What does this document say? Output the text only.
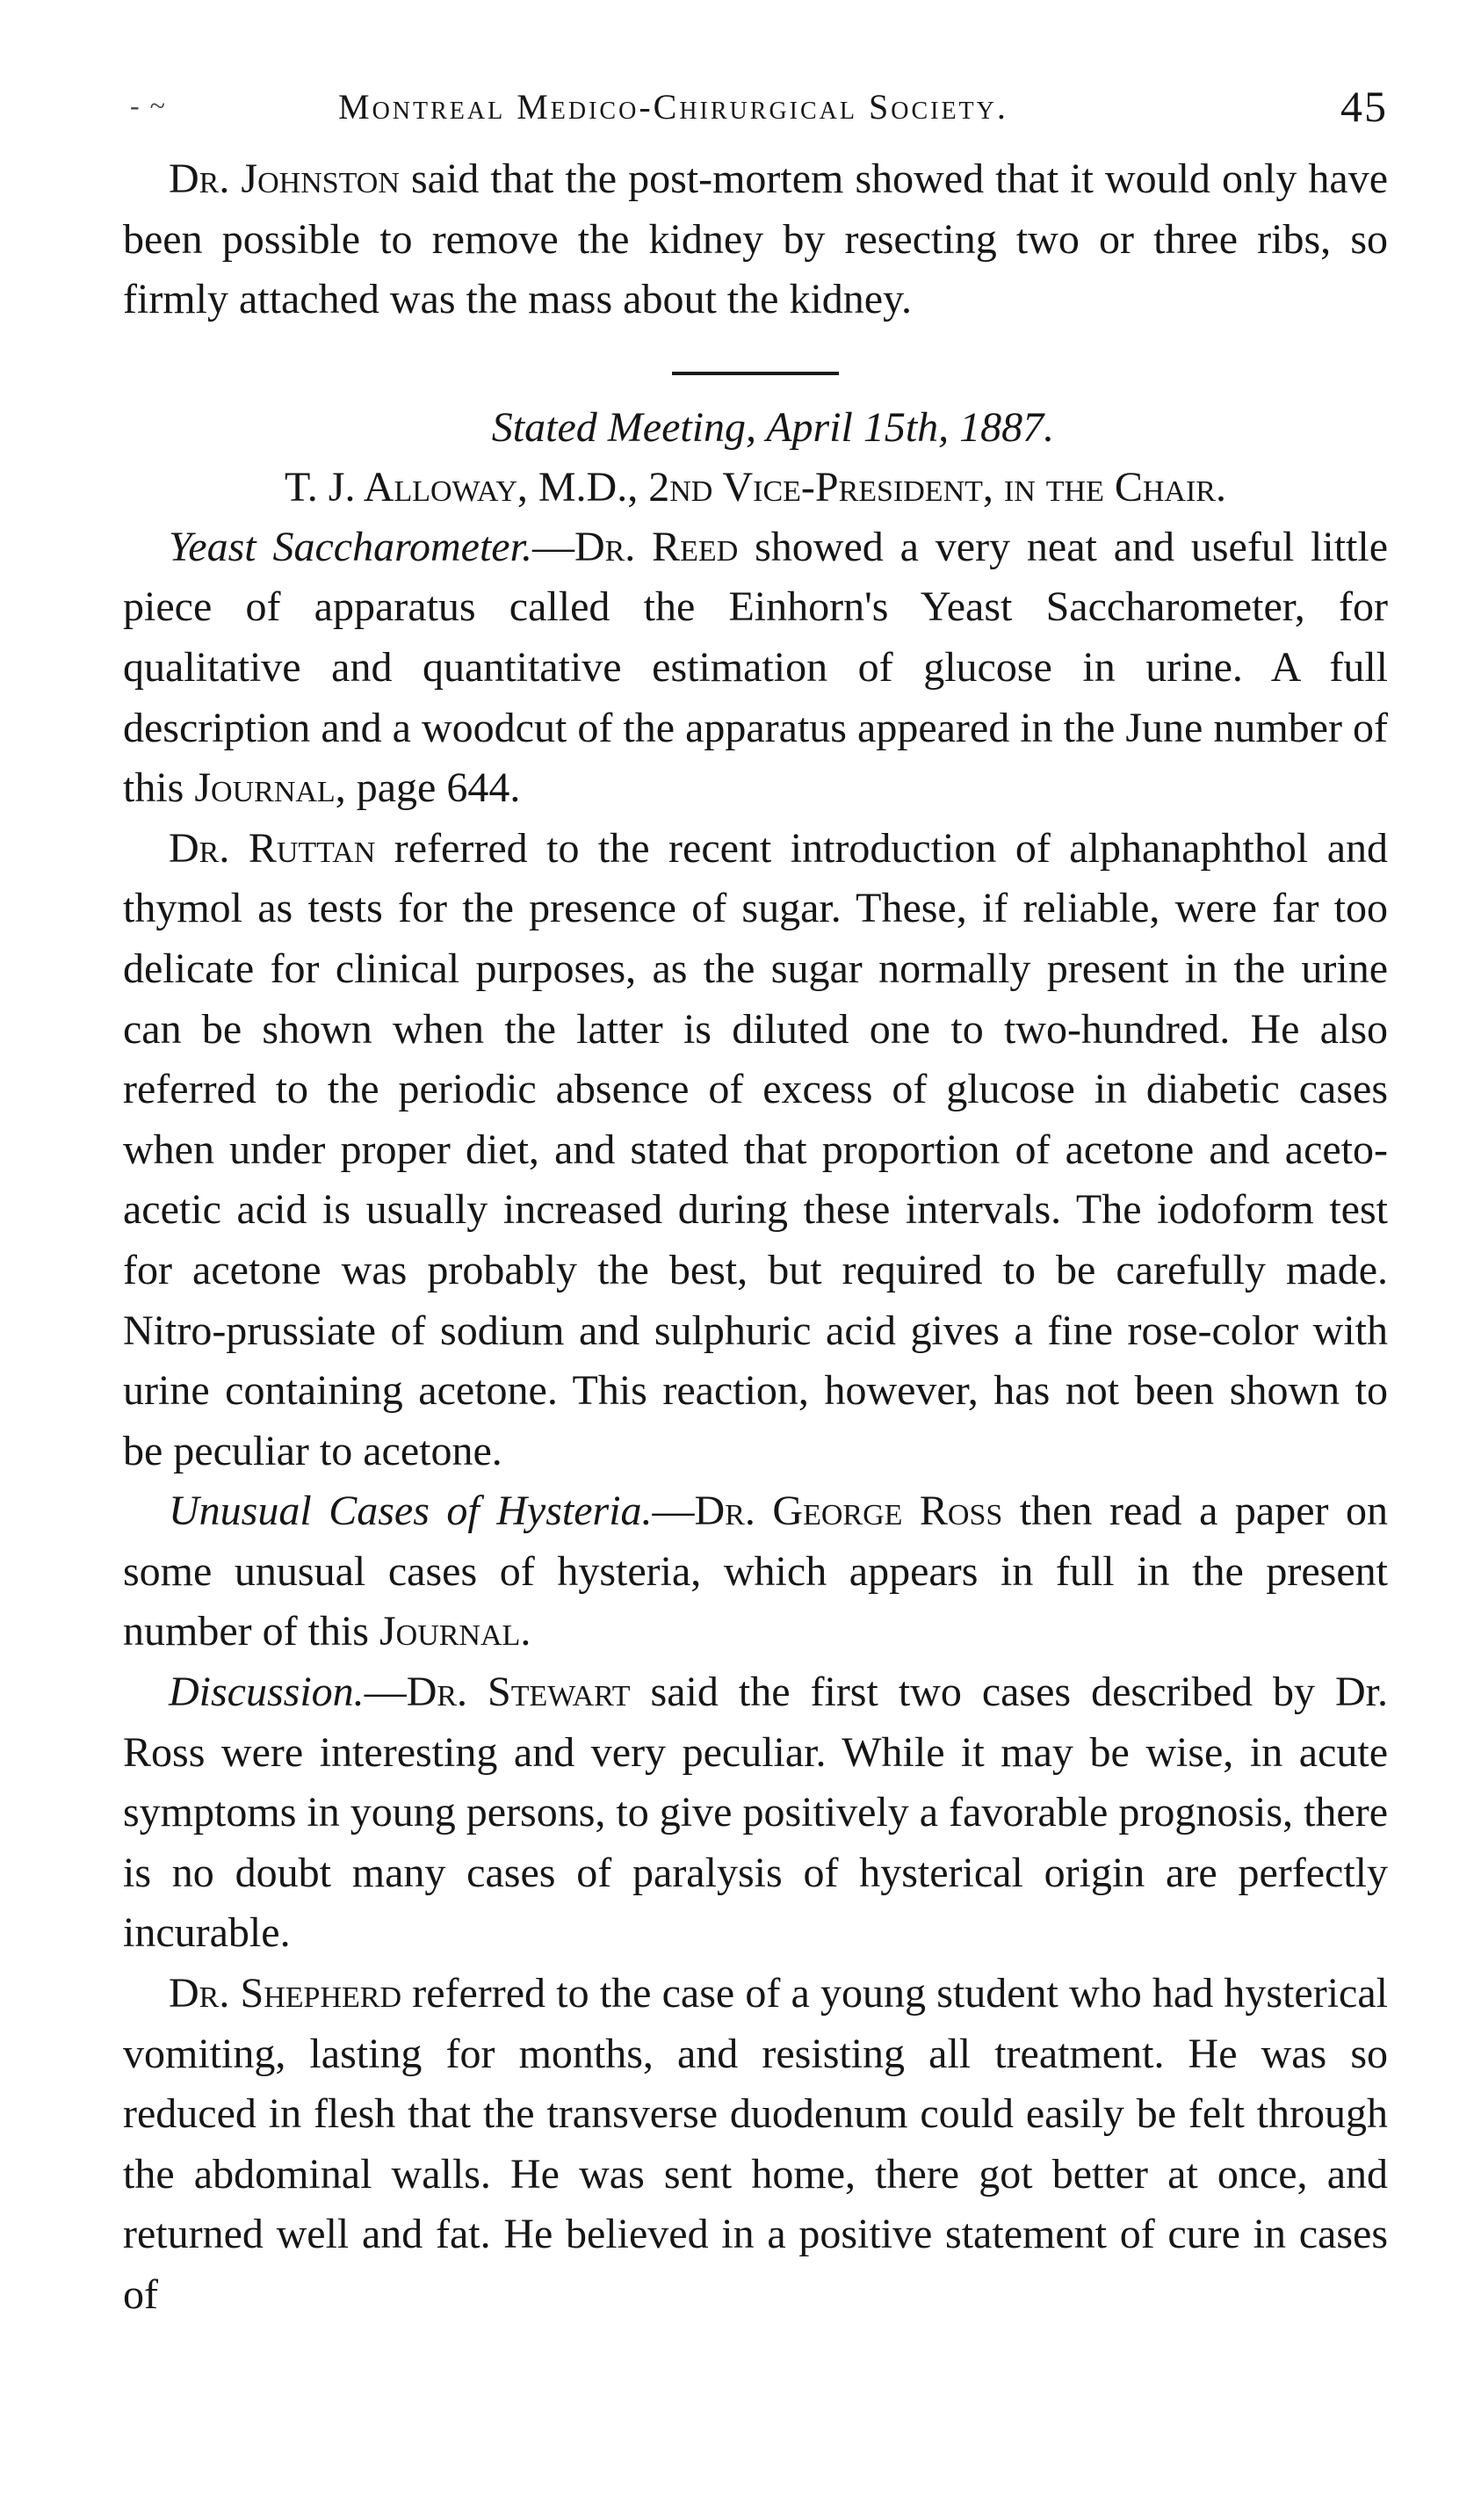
- ~	Montreal Medico-Chirurgical Society.	45

Dr. Johnston said that the post-mortem showed that it would only have been possible to remove the kidney by resecting two or three ribs, so firmly attached was the mass about the kidney.

Stated Meeting, April 15th, 1887.

T. J. Alloway, M.D., 2nd Vice-President, in the Chair.

Yeast Saccharometer.—Dr. Reed showed a very neat and useful little piece of apparatus called the Einhorn's Yeast Saccharometer, for qualitative and quantitative estimation of glucose in urine. A full description and a woodcut of the apparatus appeared in the June number of this Journal, page 644.

Dr. Ruttan referred to the recent introduction of alphanaphthol and thymol as tests for the presence of sugar. These, if reliable, were far too delicate for clinical purposes, as the sugar normally present in the urine can be shown when the latter is diluted one to two-hundred. He also referred to the periodic absence of excess of glucose in diabetic cases when under proper diet, and stated that proportion of acetone and aceto-acetic acid is usually increased during these intervals. The iodoform test for acetone was probably the best, but required to be carefully made. Nitro-prussiate of sodium and sulphuric acid gives a fine rose-color with urine containing acetone. This reaction, however, has not been shown to be peculiar to acetone.

Unusual Cases of Hysteria.—Dr. George Ross then read a paper on some unusual cases of hysteria, which appears in full in the present number of this Journal.

Discussion.—Dr. Stewart said the first two cases described by Dr. Ross were interesting and very peculiar. While it may be wise, in acute symptoms in young persons, to give positively a favorable prognosis, there is no doubt many cases of paralysis of hysterical origin are perfectly incurable.

Dr. Shepherd referred to the case of a young student who had hysterical vomiting, lasting for months, and resisting all treatment. He was so reduced in flesh that the transverse duodenum could easily be felt through the abdominal walls. He was sent home, there got better at once, and returned well and fat. He believed in a positive statement of cure in cases of
